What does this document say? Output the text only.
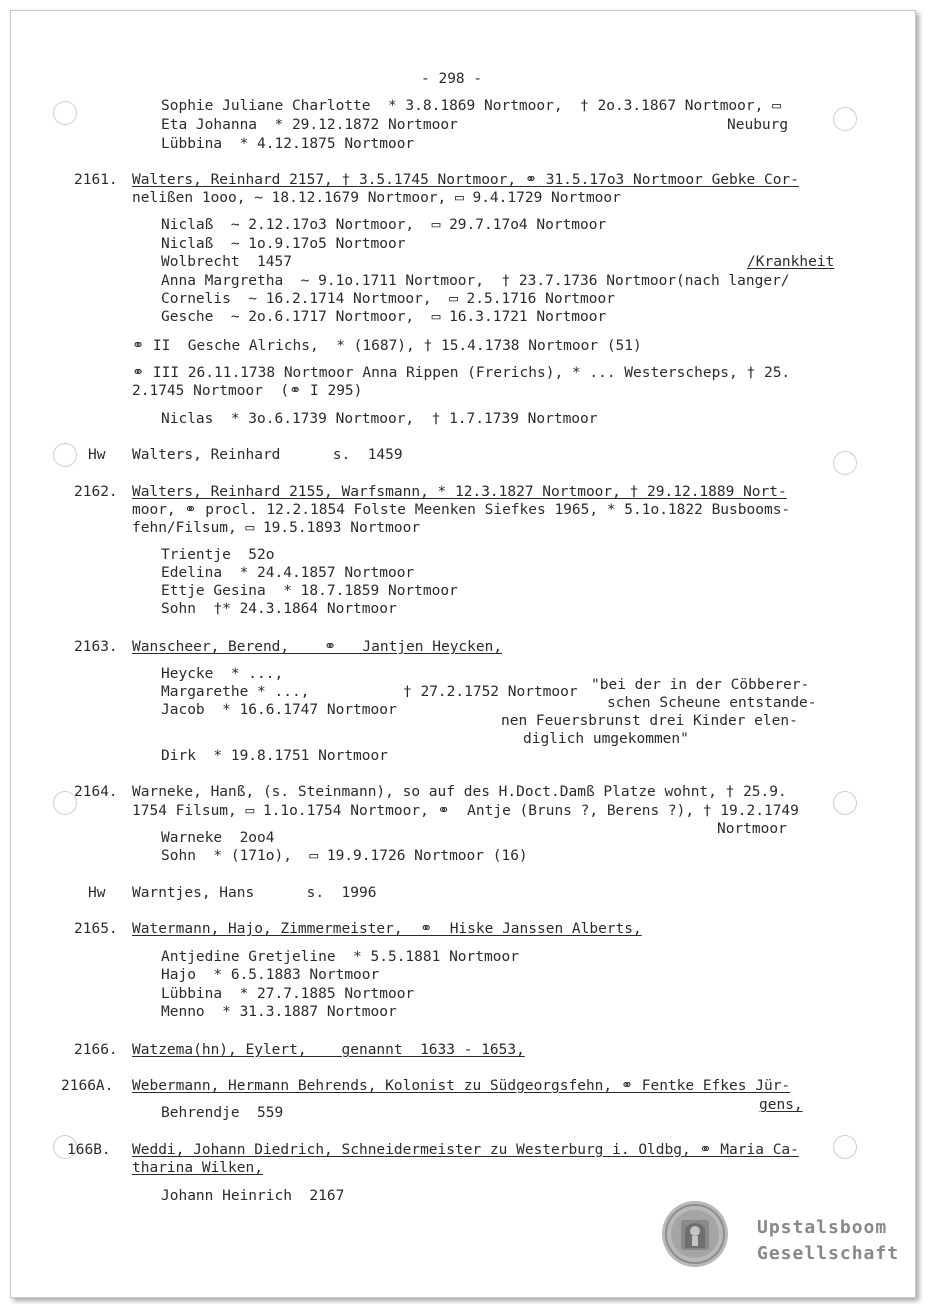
- 298 -
Sophie Juliane Charlotte  * 3.8.1869 Nortmoor,  † 2o.3.1867 Nortmoor, ▭
Eta Johanna  * 29.12.1872 Nortmoor	Neuburg
Lübbina  * 4.12.1875 Nortmoor
2161. Walters, Reinhard 2157, † 3.5.1745 Nortmoor, ⚭ 31.5.17o3 Nortmoor Gebke Cor-
nelißen 1ooo, ~ 18.12.1679 Nortmoor, ▭ 9.4.1729 Nortmoor
Niclaß  ~ 2.12.17o3 Nortmoor,  ▭ 29.7.17o4 Nortmoor
Niclaß  ~ 1o.9.17o5 Nortmoor
Wolbrecht  1457	/Krankheit
Anna Margretha  ~ 9.1o.1711 Nortmoor,  † 23.7.1736 Nortmoor(nach langer/
Cornelis  ~ 16.2.1714 Nortmoor,  ▭ 2.5.1716 Nortmoor
Gesche  ~ 2o.6.1717 Nortmoor,  ▭ 16.3.1721 Nortmoor
⚭ II  Gesche Alrichs,  * (1687), † 15.4.1738 Nortmoor (51)
⚭ III 26.11.1738 Nortmoor Anna Rippen (Frerichs), * ... Westerscheps, † 25.
2.1745 Nortmoor  (⚭ I 295)
Niclas  * 3o.6.1739 Nortmoor,  † 1.7.1739 Nortmoor
Hw Walters, Reinhard      s.  1459
2162. Walters, Reinhard 2155, Warfsmann, * 12.3.1827 Nortmoor, † 29.12.1889 Nort-
moor, ⚭ procl. 12.2.1854 Folste Meenken Siefkes 1965, * 5.1o.1822 Busbooms-
fehn/Filsum, ▭ 19.5.1893 Nortmoor
Trientje  52o
Edelina  * 24.4.1857 Nortmoor
Ettje Gesina  * 18.7.1859 Nortmoor
Sohn  †* 24.3.1864 Nortmoor
2163. Wanscheer, Berend,    ⚭   Jantjen Heycken,
Heycke  * ...,
Margarethe * ...,	† 27.2.1752 Nortmoor "bei der in der Cöbberer-
Jacob  * 16.6.1747 Nortmoor	schen Scheune entstande-
nen Feuersbrunst drei Kinder elen-
diglich umgekommen"
Dirk  * 19.8.1751 Nortmoor
2164. Warneke, Hanß, (s. Steinmann), so auf des H.Doct.Damß Platze wohnt, † 25.9.
1754 Filsum, ▭ 1.1o.1754 Nortmoor, ⚭  Antje (Bruns ?, Berens ?), † 19.2.1749
Nortmoor
Warneke  2oo4
Sohn  * (171o),  ▭ 19.9.1726 Nortmoor (16)
Hw Warntjes, Hans      s.  1996
2165. Watermann, Hajo, Zimmermeister,  ⚭  Hiske Janssen Alberts,
Antjedine Gretjeline  * 5.5.1881 Nortmoor
Hajo  * 6.5.1883 Nortmoor
Lübbina  * 27.7.1885 Nortmoor
Menno  * 31.3.1887 Nortmoor
2166. Watzema(hn), Eylert,    genannt  1633 - 1653,
2166A. Webermann, Hermann Behrends, Kolonist zu Südgeorgsfehn, ⚭ Fentke Efkes Jür-
Behrendje  559	gens,
166B. Weddi, Johann Diedrich, Schneidermeister zu Westerburg i. Oldbg, ⚭ Maria Ca-
tharina Wilken,
Johann Heinrich  2167
Upstalsboom
Gesellschaft
